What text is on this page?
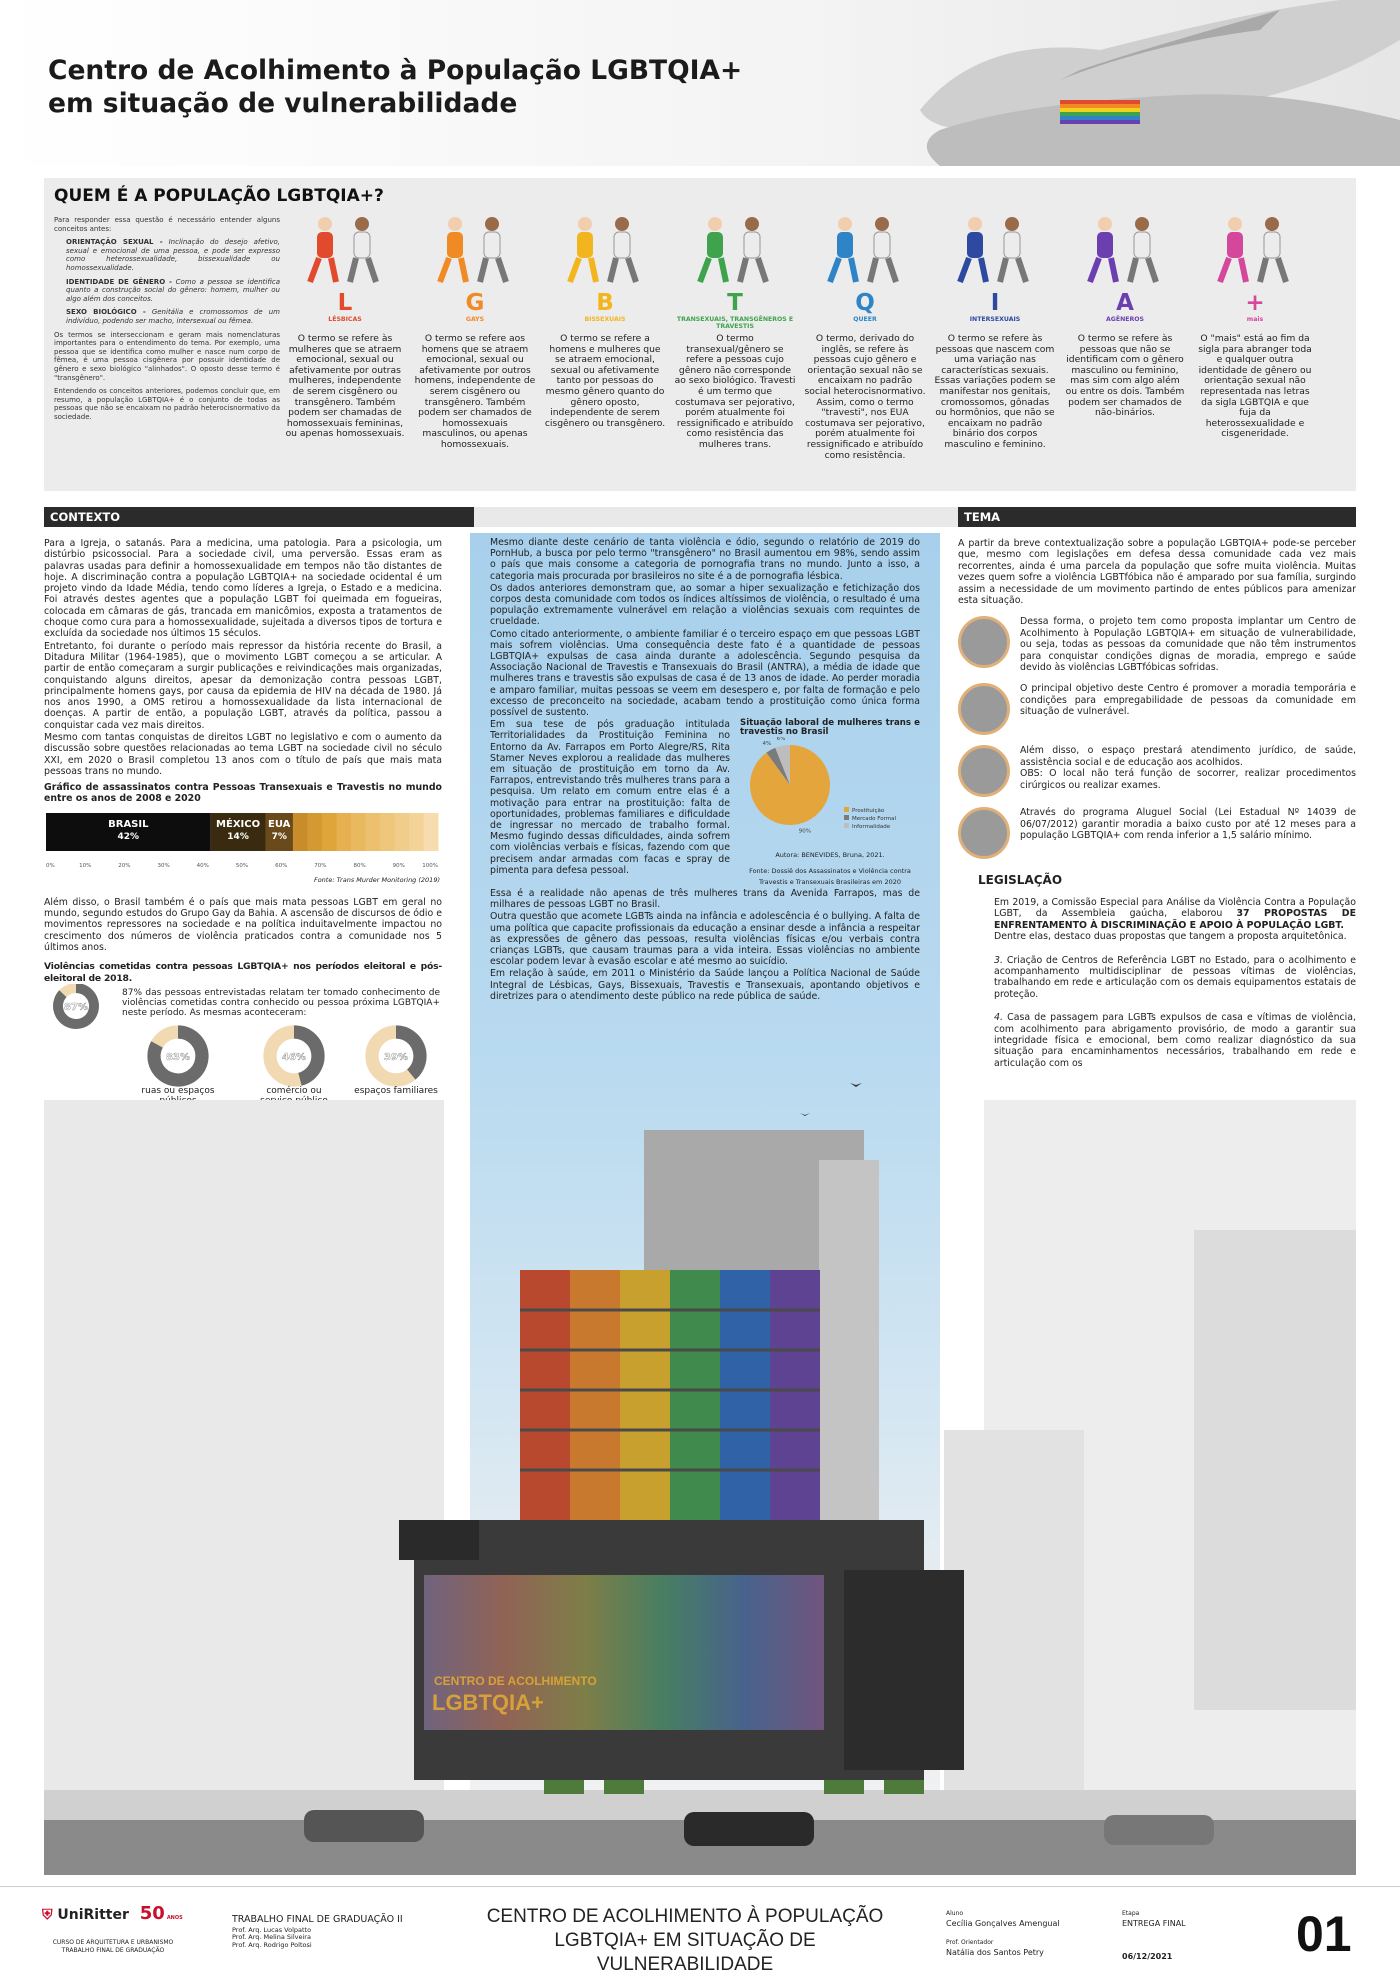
Centro de Acolhimento à População LGBTQIA+
em situação de vulnerabilidade
QUEM É A POPULAÇÃO LGBTQIA+?

Para responder essa questão é necessário entender alguns conceitos antes:

ORIENTAÇÃO SEXUAL - Inclinação do desejo afetivo, sexual e emocional de uma pessoa, e pode ser expresso como heterossexualidade, bissexualidade ou homossexualidade.

IDENTIDADE DE GÊNERO - Como a pessoa se identifica quanto a construção social do gênero: homem, mulher ou algo além dos conceitos.

SEXO BIOLÓGICO - Genitália e cromossomos de um indivíduo, podendo ser macho, intersexual ou fêmea.

Os termos se interseccionam e geram mais nomenclaturas importantes para o entendimento do tema. Por exemplo, uma pessoa que se identifica como mulher e nasce num corpo de fêmea, é uma pessoa cisgênera por possuir identidade de gênero e sexo biológico "alinhados". O oposto desse termo é "transgênero".

Entendendo os conceitos anteriores, podemos concluir que, em resumo, a população LGBTQIA+ é o conjunto de todas as pessoas que não se encaixam no padrão heterocisnormativo da sociedade.

L
LÉSBICAS
O termo se refere às mulheres que se atraem emocional, sexual ou afetivamente por outras mulheres, independente de serem cisgênero ou transgênero. Também podem ser chamadas de homossexuais femininas, ou apenas homossexuais.
G
GAYS
O termo se refere aos homens que se atraem emocional, sexual ou afetivamente por outros homens, independente de serem cisgênero ou transgênero. Também podem ser chamados de homossexuais masculinos, ou apenas homossexuais.
B
BISSEXUAIS
O termo se refere a homens e mulheres que se atraem emocional, sexual ou afetivamente tanto por pessoas do mesmo gênero quanto do gênero oposto, independente de serem cisgênero ou transgênero.
T
TRANSEXUAIS, TRANSGÊNEROS E TRAVESTIS
O termo transexual/gênero se refere a pessoas cujo gênero não corresponde ao sexo biológico. Travesti é um termo que costumava ser pejorativo, porém atualmente foi ressignificado e atribuído como resistência das mulheres trans.
Q
QUEER
O termo, derivado do inglês, se refere às pessoas cujo gênero e orientação sexual não se encaixam no padrão social heterocisnormativo. Assim, como o termo "travesti", nos EUA costumava ser pejorativo, porém atualmente foi ressignificado e atribuído como resistência.
I
INTERSEXUAIS
O termo se refere às pessoas que nascem com uma variação nas características sexuais. Essas variações podem se manifestar nos genitais, cromossomos, gônadas ou hormônios, que não se encaixam no padrão binário dos corpos masculino e feminino.
A
AGÊNEROS
O termo se refere às pessoas que não se identificam com o gênero masculino ou feminino, mas sim com algo além ou entre os dois. Também podem ser chamados de não-binários.
+
mais
O "mais" está ao fim da sigla para abranger toda e qualquer outra identidade de gênero ou orientação sexual não representada nas letras da sigla LGBTQIA e que fuja da heterossexualidade e cisgeneridade.
CONTEXTO	TEMA

Para a Igreja, o satanás. Para a medicina, uma patologia. Para a psicologia, um distúrbio psicossocial. Para a sociedade civil, uma perversão. Essas eram as palavras usadas para definir a homossexualidade em tempos não tão distantes de hoje. A discriminação contra a população LGBTQIA+ na sociedade ocidental é um projeto vindo da Idade Média, tendo como líderes a Igreja, o Estado e a medicina. Foi através destes agentes que a população LGBT foi queimada em fogueiras, colocada em câmaras de gás, trancada em manicômios, exposta a tratamentos de choque como cura para a homossexualidade, sujeitada a diversos tipos de tortura e excluída da sociedade nos últimos 15 séculos.

Entretanto, foi durante o período mais repressor da história recente do Brasil, a Ditadura Militar (1964-1985), que o movimento LGBT começou a se articular. A partir de então começaram a surgir publicações e reivindicações mais organizadas, conquistando alguns direitos, apesar da demonização contra pessoas LGBT, principalmente homens gays, por causa da epidemia de HIV na década de 1980. Já nos anos 1990, a OMS retirou a homossexualidade da lista internacional de doenças. A partir de então, a população LGBT, através da política, passou a conquistar cada vez mais direitos.

Mesmo com tantas conquistas de direitos LGBT no legislativo e com o aumento da discussão sobre questões relacionadas ao tema LGBT na sociedade civil no século XXI, em 2020 o Brasil completou 13 anos com o título de país que mais mata pessoas trans no mundo.

Gráfico de assassinatos contra Pessoas Transexuais e Travestis no mundo entre os anos de 2008 e 2020
BRASIL
42%
MÉXICO
14%
EUA
7%
0%	10%	20%	30%	40%	50%	60%	70%	80%	90%	100%
Fonte: Trans Murder Monitoring (2019)

Além disso, o Brasil também é o país que mais mata pessoas LGBT em geral no mundo, segundo estudos do Grupo Gay da Bahia. A ascensão de discursos de ódio e movimentos repressores na sociedade e na política induitavelmente impactou no crescimento dos números de violência praticados contra a comunidade nos 5 últimos anos.

Violências cometidas contra pessoas LGBTQIA+ nos períodos eleitoral e pós-eleitoral de 2018.
87%
83%	46%	39%
87% das pessoas entrevistadas relatam ter tomado conhecimento de violências cometidas contra conhecido ou pessoa próxima LGBTQIA+ neste período. As mesmas aconteceram:
ruas ou espaços	comércio ou	espaços familiares

Mesmo diante deste cenário de tanta violência e ódio, segundo o relatório de 2019 do PornHub, a busca por pelo termo "transgênero" no Brasil aumentou em 98%, sendo assim o país que mais consome a categoria de pornografia trans no mundo. Junto a isso, a categoria mais procurada por brasileiros no site é a de pornografia lésbica.

Os dados anteriores demonstram que, ao somar a hiper sexualização e fetichização dos corpos desta comunidade com todos os índices altíssimos de violência, o resultado é uma população extremamente vulnerável em relação a violências sexuais com requintes de crueldade.

Como citado anteriormente, o ambiente familiar é o terceiro espaço em que pessoas LGBT mais sofrem violências. Uma consequência deste fato é a quantidade de pessoas LGBTQIA+ expulsas de casa ainda durante a adolescência. Segundo pesquisa da Associação Nacional de Travestis e Transexuais do Brasil (ANTRA), a média de idade que mulheres trans e travestis são expulsas de casa é de 13 anos de idade. Ao perder moradia e amparo familiar, muitas pessoas se veem em desespero e, por falta de formação e pelo excesso de preconceito na sociedade, acabam tendo a prostituição como única forma possível de sustento.

Em sua tese de pós graduação intitulada Territorialidades da Prostituição Feminina no Entorno da Av. Farrapos em Porto Alegre/RS, Rita Stamer Neves explorou a realidade das mulheres em situação de prostituição em torno da Av. Farrapos, entrevistando três mulheres trans para a pesquisa. Um relato em comum entre elas é a motivação para entrar na prostituição: falta de oportunidades, problemas familiares e dificuldade de ingressar no mercado de trabalho formal. Mesmo fugindo dessas dificuldades, ainda sofrem com violências verbais e físicas, fazendo com que precisem andar armadas com facas e spray de pimenta para defesa pessoal.

Situação laboral de mulheres trans e travestis no Brasil
90%
Prostituição
4%
Mercado Formal
6%
Informalidade
Autora: BENEVIDES, Bruna, 2021.
Fonte: Dossiê dos Assassinatos e Violência contra Travestis e Transexuais Brasileiras em 2020

Essa é a realidade não apenas de três mulheres trans da Avenida Farrapos, mas de milhares de pessoas LGBT no Brasil.

Outra questão que acomete LGBTs ainda na infância e adolescência é o bullying. A falta de uma política que capacite profissionais da educação a ensinar desde a infância a respeitar as expressões de gênero das pessoas, resulta violências físicas e/ou verbais contra crianças LGBTs, que causam traumas para a vida inteira. Essas violências no ambiente escolar podem levar à evasão escolar e até mesmo ao suicídio.

Em relação à saúde, em 2011 o Ministério da Saúde lançou a Política Nacional de Saúde Integral de Lésbicas, Gays, Bissexuais, Travestis e Transexuais, apontando objetivos e diretrizes para o atendimento deste público na rede pública de saúde.

A partir da breve contextualização sobre a população LGBTQIA+ pode-se perceber que, mesmo com legislações em defesa dessa comunidade cada vez mais recorrentes, ainda é uma parcela da população que sofre muita violência. Muitas vezes quem sofre a violência LGBTfóbica não é amparado por sua família, surgindo assim a necessidade de um movimento partindo de entes públicos para amenizar esta situação.

Dessa forma, o projeto tem como proposta implantar um Centro de Acolhimento à População LGBTQIA+ em situação de vulnerabilidade, ou seja, todas as pessoas da comunidade que não têm instrumentos para conquistar condições dignas de moradia, emprego e saúde devido às violências LGBTfóbicas sofridas.

O principal objetivo deste Centro é promover a moradia temporária e condições para empregabilidade de pessoas da comunidade em situação de vulnerável.

Além disso, o espaço prestará atendimento jurídico, de saúde, assistência social e de educação aos acolhidos.

OBS: O local não terá função de socorrer, realizar procedimentos cirúrgicos ou realizar exames.

Através do programa Aluguel Social (Lei Estadual Nº 14039 de 06/07/2012) garantir moradia a baixo custo por até 12 meses para a população LGBTQIA+ com renda inferior a 1,5 salário mínimo.

LEGISLAÇÃO

Em 2019, a Comissão Especial para Análise da Violência Contra a População LGBT, da Assembleia gaúcha, elaborou 37 PROPOSTAS DE ENFRENTAMENTO À DISCRIMINAÇÃO E APOIO À POPULAÇÃO LGBT.

Dentre elas, destaco duas propostas que tangem a proposta arquitetônica.

3. Criação de Centros de Referência LGBT no Estado, para o acolhimento e acompanhamento multidisciplinar de pessoas vítimas de violências, trabalhando em rede e articulação com os demais equipamentos estatais de proteção.

4. Casa de passagem para LGBTs expulsos de casa e vítimas de violência, com acolhimento para abrigamento provisório, de modo a garantir sua integridade física e emocional, bem como realizar diagnóstico da sua situação para encaminhamentos necessários, trabalhando em rede e articulação com os

CENTRO DE ACOLHIMENTO
LGBTQIA+
⛨ UniRitter 50 ANOS
CURSO DE ARQUITETURA E URBANISMO
TRABALHO FINAL DE GRADUAÇÃO
TRABALHO FINAL DE GRADUAÇÃO II
Prof. Arq. Lucas Volpatto
Prof. Arq. Melina Silveira
Prof. Arq. Rodrigo Poltosi
CENTRO DE ACOLHIMENTO À POPULAÇÃO
LGBTQIA+ EM SITUAÇÃO DE VULNERABILIDADE
Aluno
Cecília Gonçalves Amengual
Prof. Orientador
Natália dos Santos Petry
Etapa
ENTREGA FINAL
06/12/2021 01
